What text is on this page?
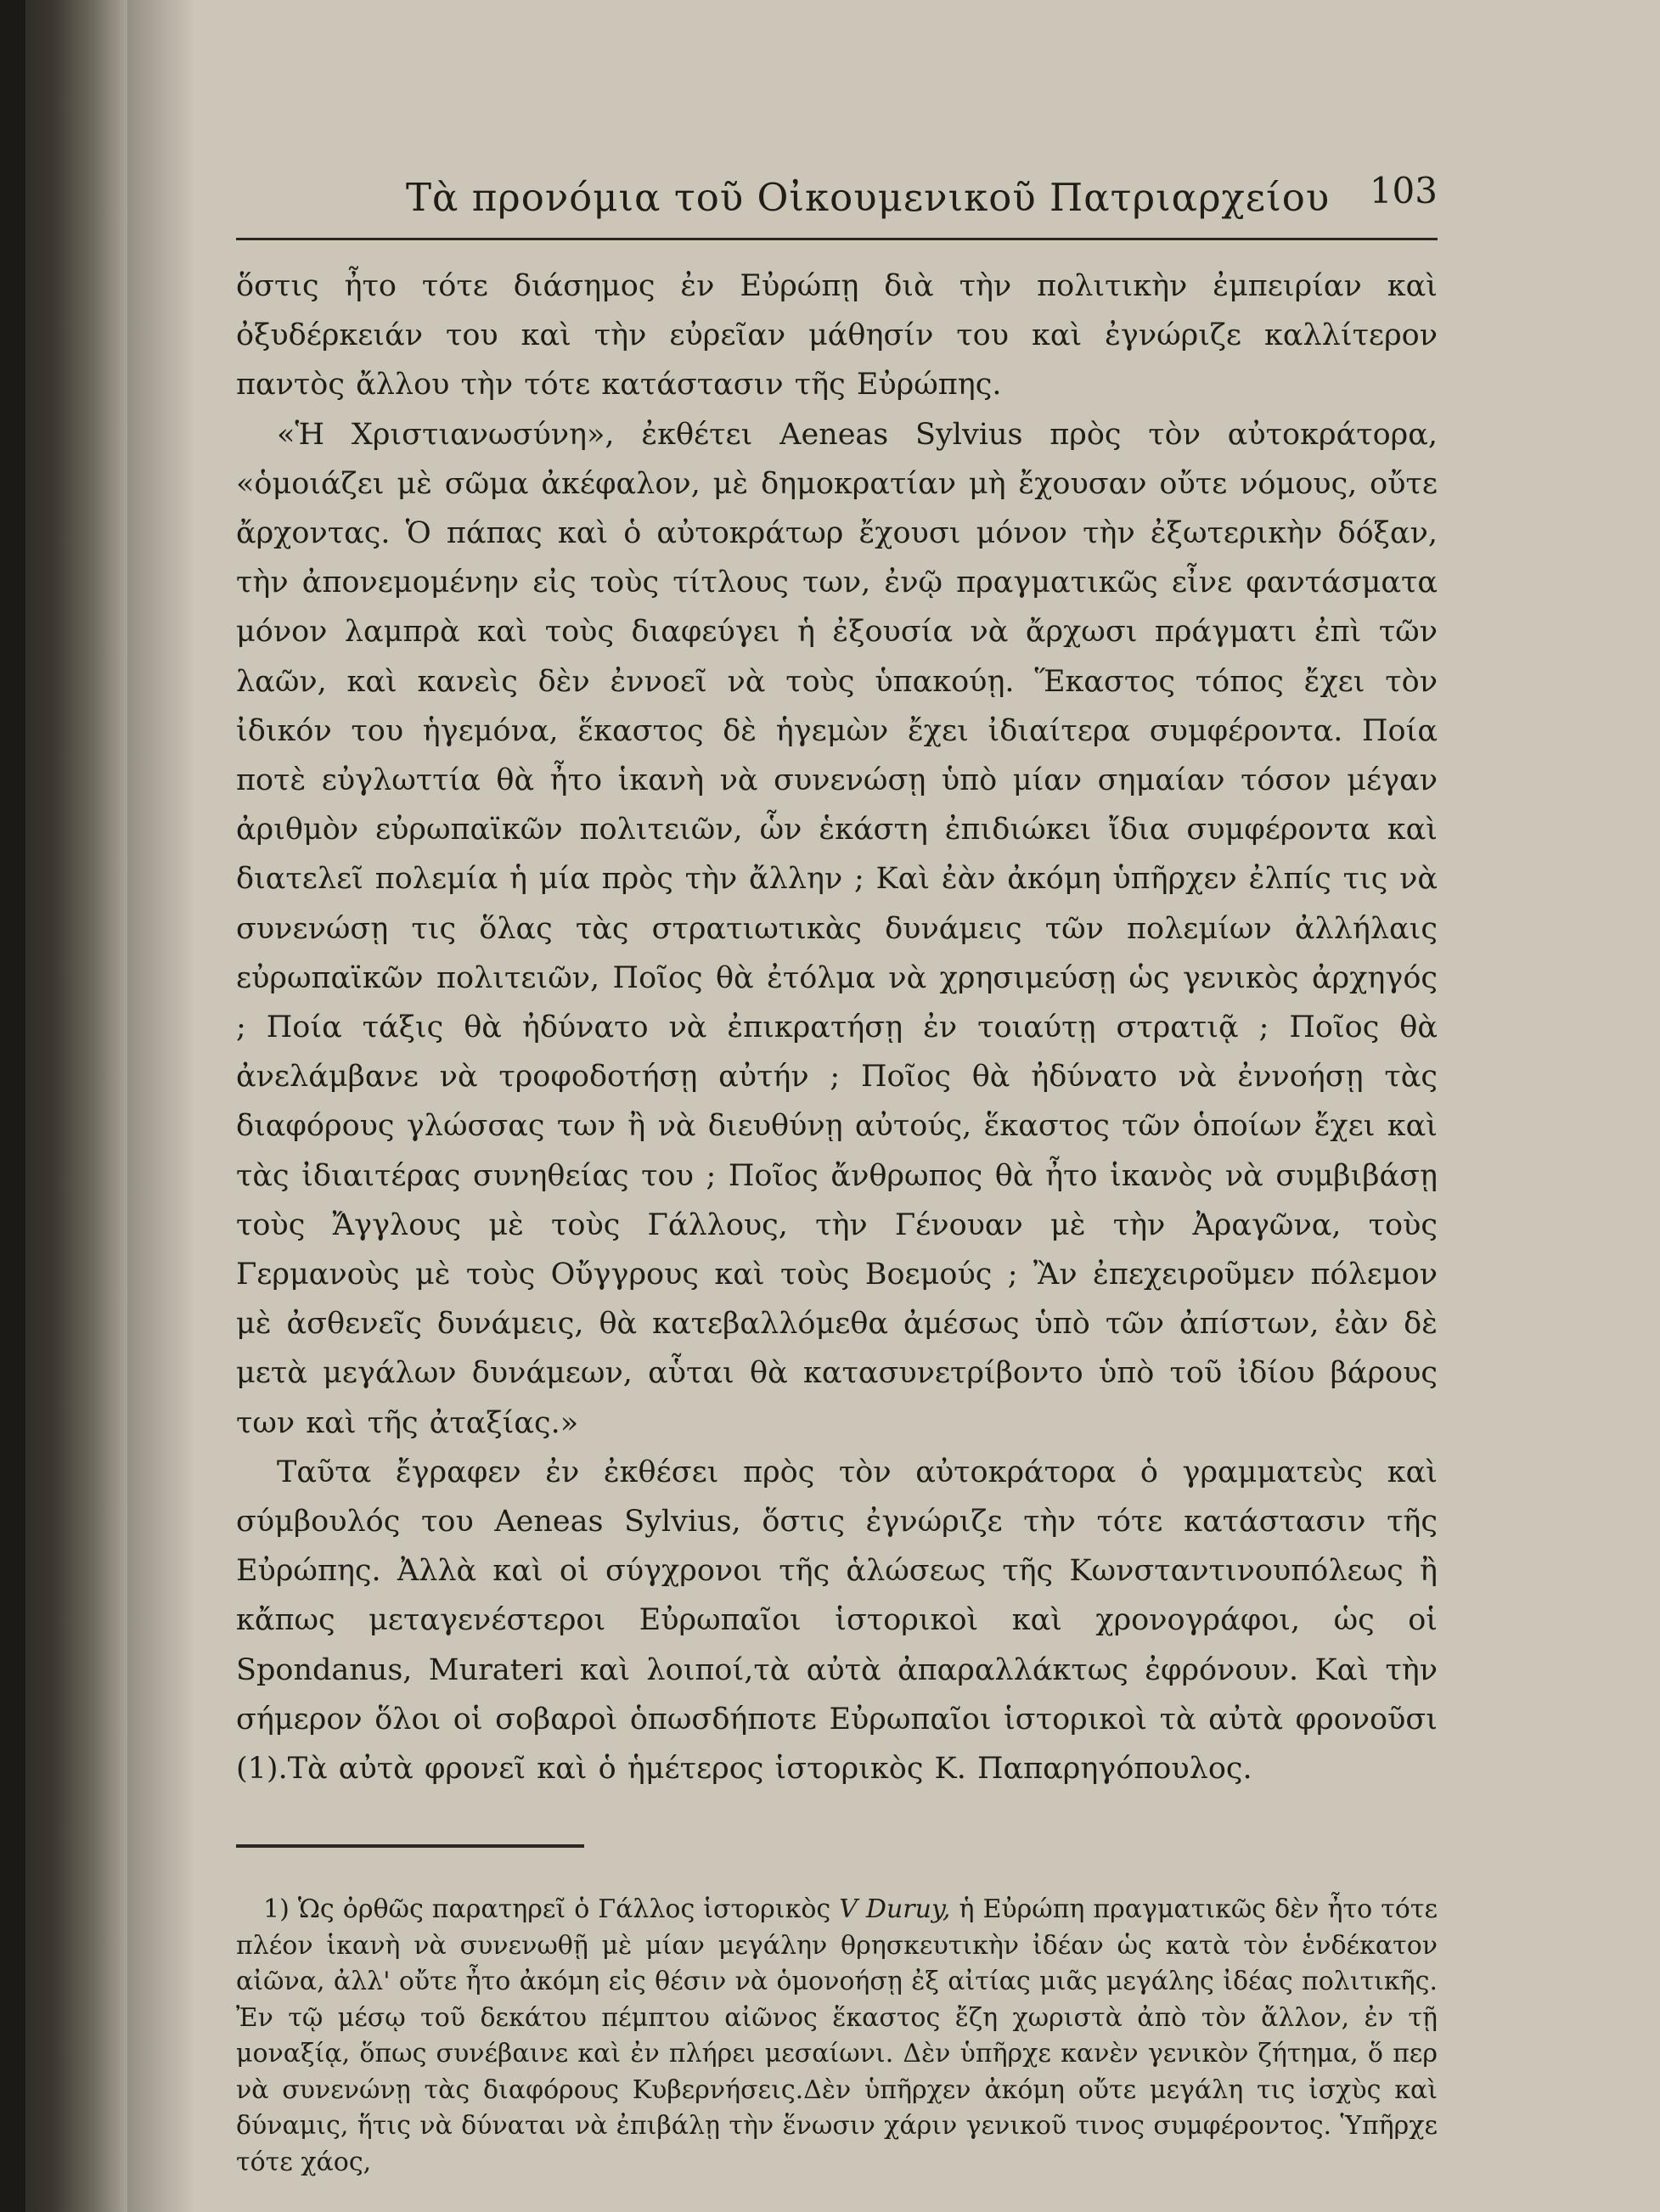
Τὰ προνόμια τοῦ Οἰκουμενικοῦ Πατριαρχείου 103

ὅστις ἦτο τότε διάσημος ἐν Εὐρώπῃ διὰ τὴν πολιτικὴν ἐμπειρίαν καὶ ὀξυδέρκειάν του καὶ τὴν εὐρεῖαν μάθησίν του καὶ ἐγνώριζε καλλίτερον παντὸς ἄλλου τὴν τότε κατάστασιν τῆς Εὐρώπης.

«Ἡ Χριστιανωσύνη», ἐκθέτει Aeneas Sylvius πρὸς τὸν αὐτοκράτορα, «ὁμοιάζει μὲ σῶμα ἀκέφαλον, μὲ δημοκρατίαν μὴ ἔχουσαν οὔτε νόμους, οὔτε ἄρχοντας. Ὁ πάπας καὶ ὁ αὐτοκράτωρ ἔχουσι μόνον τὴν ἐξωτερικὴν δόξαν, τὴν ἀπονεμομένην εἰς τοὺς τίτλους των, ἐνῷ πραγματικῶς εἶνε φαντάσματα μόνον λαμπρὰ καὶ τοὺς διαφεύγει ἡ ἐξουσία νὰ ἄρχωσι πράγματι ἐπὶ τῶν λαῶν, καὶ κανεὶς δὲν ἐννοεῖ νὰ τοὺς ὑπακούῃ. Ἕκαστος τόπος ἔχει τὸν ἰδικόν του ἡγεμόνα, ἕκαστος δὲ ἡγεμὼν ἔχει ἰδιαίτερα συμφέροντα. Ποία ποτὲ εὐγλωττία θὰ ἦτο ἱκανὴ νὰ συνενώσῃ ὑπὸ μίαν σημαίαν τόσον μέγαν ἀριθμὸν εὐρωπαϊκῶν πολιτειῶν, ὧν ἑκάστη ἐπιδιώκει ἴδια συμφέροντα καὶ διατελεῖ πολεμία ἡ μία πρὸς τὴν ἄλλην ; Καὶ ἐὰν ἀκόμη ὑπῆρχεν ἐλπίς τις νὰ συνενώσῃ τις ὅλας τὰς στρατιωτικὰς δυνάμεις τῶν πολεμίων ἀλλήλαις εὐρωπαϊκῶν πολιτειῶν, Ποῖος θὰ ἐτόλμα νὰ χρησιμεύσῃ ὡς γενικὸς ἀρχηγός ; Ποία τάξις θὰ ἠδύνατο νὰ ἐπικρατήσῃ ἐν τοιαύτῃ στρατιᾷ ; Ποῖος θὰ ἀνελάμβανε νὰ τροφοδοτήσῃ αὐτήν ; Ποῖος θὰ ἠδύνατο νὰ ἐννοήσῃ τὰς διαφόρους γλώσσας των ἢ νὰ διευθύνῃ αὐτούς, ἕκαστος τῶν ὁποίων ἔχει καὶ τὰς ἰδιαιτέρας συνηθείας του ; Ποῖος ἄνθρωπος θὰ ἦτο ἱκανὸς νὰ συμβιβάσῃ τοὺς Ἄγγλους μὲ τοὺς Γάλλους, τὴν Γένουαν μὲ τὴν Ἀραγῶνα, τοὺς Γερμανοὺς μὲ τοὺς Οὔγγρους καὶ τοὺς Βοεμούς ; Ἂν ἐπεχειροῦμεν πόλεμον μὲ ἀσθενεῖς δυνάμεις, θὰ κατεβαλλόμεθα ἀμέσως ὑπὸ τῶν ἀπίστων, ἐὰν δὲ μετὰ μεγάλων δυνάμεων, αὗται θὰ κατασυνετρίβοντο ὑπὸ τοῦ ἰδίου βάρους των καὶ τῆς ἀταξίας.»

Ταῦτα ἔγραφεν ἐν ἐκθέσει πρὸς τὸν αὐτοκράτορα ὁ γραμματεὺς καὶ σύμβουλός του Aeneas Sylvius, ὅστις ἐγνώριζε τὴν τότε κατάστασιν τῆς Εὐρώπης. Ἀλλὰ καὶ οἱ σύγχρονοι τῆς ἁλώσεως τῆς Κωνσταντινουπόλεως ἢ κἄπως μεταγενέστεροι Εὐρωπαῖοι ἱστορικοὶ καὶ χρονογράφοι, ὡς οἱ Spondanus, Murateri καὶ λοιποί,τὰ αὐτὰ ἀπαραλλάκτως ἐφρόνουν. Καὶ τὴν σήμερον ὅλοι οἱ σοβαροὶ ὁπωσδήποτε Εὐρωπαῖοι ἱστορικοὶ τὰ αὐτὰ φρονοῦσι (1).Τὰ αὐτὰ φρονεῖ καὶ ὁ ἡμέτερος ἱστορικὸς Κ. Παπαρηγόπουλος.

1) Ὡς ὀρθῶς παρατηρεῖ ὁ Γάλλος ἱστορικὸς V Duruy, ἡ Εὐρώπη πραγματικῶς δὲν ἦτο τότε πλέον ἱκανὴ νὰ συνενωθῇ μὲ μίαν μεγάλην θρησκευτικὴν ἰδέαν ὡς κατὰ τὸν ἑνδέκατον αἰῶνα, ἀλλ' οὔτε ἦτο ἀκόμη εἰς θέσιν νὰ ὁμονοήσῃ ἐξ αἰτίας μιᾶς μεγάλης ἰδέας πολιτικῆς. Ἐν τῷ μέσῳ τοῦ δεκάτου πέμπτου αἰῶνος ἕκαστος ἔζη χωριστὰ ἀπὸ τὸν ἄλλον, ἐν τῇ μοναξίᾳ, ὅπως συνέβαινε καὶ ἐν πλήρει μεσαίωνι. Δὲν ὑπῆρχε κανὲν γενικὸν ζήτημα, ὅ περ νὰ συνενώνῃ τὰς διαφόρους Κυβερνήσεις.Δὲν ὑπῆρχεν ἀκόμη οὔτε μεγάλη τις ἰσχὺς καὶ δύναμις, ἥτις νὰ δύναται νὰ ἐπιβάλῃ τὴν ἕνωσιν χάριν γενικοῦ τινος συμφέροντος. Ὑπῆρχε τότε χάος,
